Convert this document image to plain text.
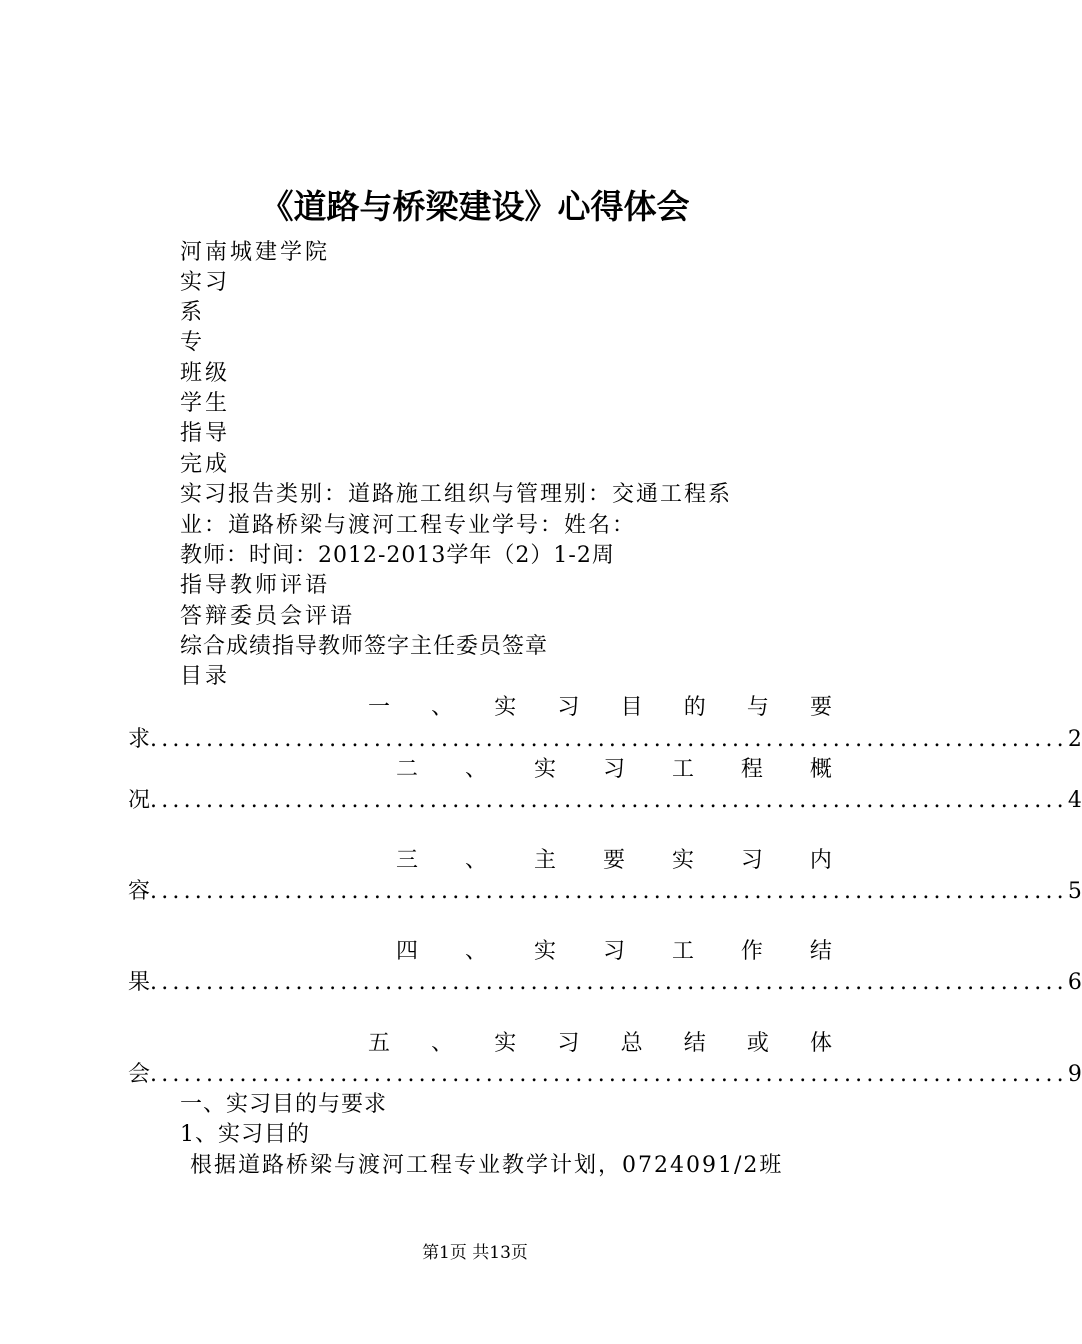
《道路与桥梁建设》心得体会
河南城建学院
实习
系
专
班级
学生
指导
完成
实习报告类别：道路施工组织与管理别：交通工程系
业：道路桥梁与渡河工程专业学号：姓名：
教师：时间：2012-2013学年（2）1-2周
指导教师评语
答辩委员会评语
综合成绩指导教师签字主任委员签章
目录
一 、 实 习 目 的 与 要
求 .................................................................................. 2
二 、 实 习 工 程 概
况 .................................................................................. 4
三 、 主 要 实 习 内
容 .................................................................................. 5
四 、 实 习 工 作 结
果 .................................................................................. 6
五 、 实 习 总 结 或 体
会 .................................................................................. 9
一、实习目的与要求
1、实习目的
根据道路桥梁与渡河工程专业教学计划，0724091/2班
第1页 共13页
